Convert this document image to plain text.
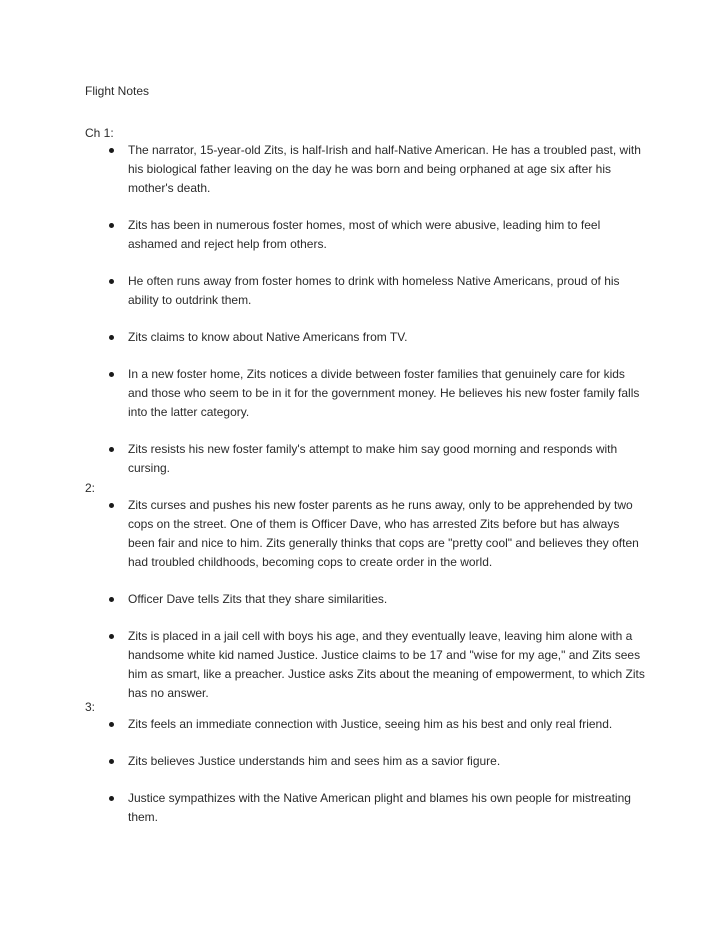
Flight Notes

Ch 1:

The narrator, 15-year-old Zits, is half-Irish and half-Native American. He has a troubled past, with his biological father leaving on the day he was born and being orphaned at age six after his mother's death.
Zits has been in numerous foster homes, most of which were abusive, leading him to feel ashamed and reject help from others.
He often runs away from foster homes to drink with homeless Native Americans, proud of his ability to outdrink them.
Zits claims to know about Native Americans from TV.
In a new foster home, Zits notices a divide between foster families that genuinely care for kids and those who seem to be in it for the government money. He believes his new foster family falls into the latter category.
Zits resists his new foster family's attempt to make him say good morning and responds with cursing.

2:

Zits curses and pushes his new foster parents as he runs away, only to be apprehended by two cops on the street. One of them is Officer Dave, who has arrested Zits before but has always been fair and nice to him. Zits generally thinks that cops are "pretty cool" and believes they often had troubled childhoods, becoming cops to create order in the world.
Officer Dave tells Zits that they share similarities.
Zits is placed in a jail cell with boys his age, and they eventually leave, leaving him alone with a handsome white kid named Justice. Justice claims to be 17 and "wise for my age," and Zits sees him as smart, like a preacher. Justice asks Zits about the meaning of empowerment, to which Zits has no answer.

3:

Zits feels an immediate connection with Justice, seeing him as his best and only real friend.
Zits believes Justice understands him and sees him as a savior figure.
Justice sympathizes with the Native American plight and blames his own people for mistreating them.
